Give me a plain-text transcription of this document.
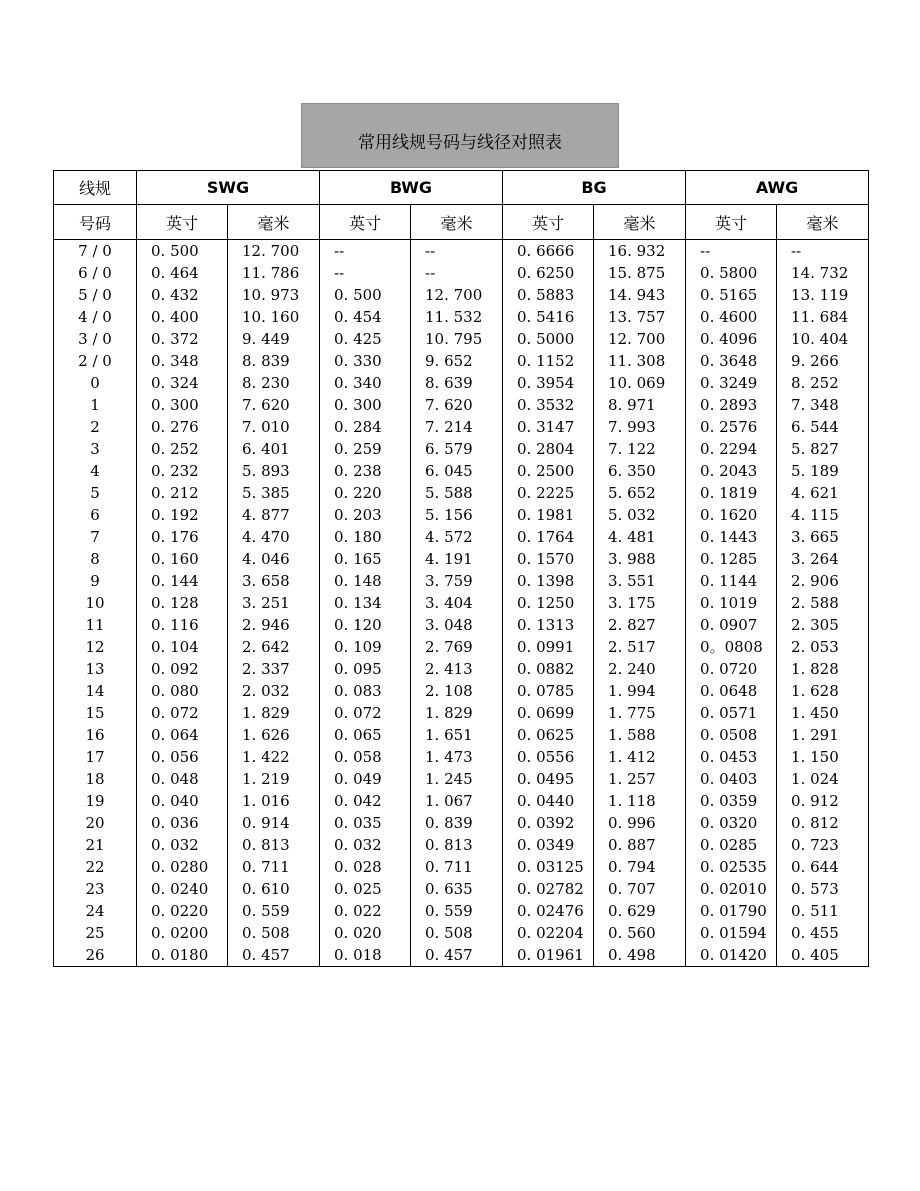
常用线规号码与线径对照表
线规	SWG		BWG		BG		AWG	
号码	英寸	毫米	英寸	毫米	英寸	毫米	英寸	毫米
7 / 0	0. 500	12. 700	--	--	0. 6666	16. 932	--	--
6 / 0	0. 464	11. 786	--	--	0. 6250	15. 875	0. 5800	14. 732
5 / 0	0. 432	10. 973	0. 500	12. 700	0. 5883	14. 943	0. 5165	13. 119
4 / 0	0. 400	10. 160	0. 454	11. 532	0. 5416	13. 757	0. 4600	11. 684
3 / 0	0. 372	9. 449	0. 425	10. 795	0. 5000	12. 700	0. 4096	10. 404
2 / 0	0. 348	8. 839	0. 330	9. 652	0. 1152	11. 308	0. 3648	9. 266
0	0. 324	8. 230	0. 340	8. 639	0. 3954	10. 069	0. 3249	8. 252
1	0. 300	7. 620	0. 300	7. 620	0. 3532	8. 971	0. 2893	7. 348
2	0. 276	7. 010	0. 284	7. 214	0. 3147	7. 993	0. 2576	6. 544
3	0. 252	6. 401	0. 259	6. 579	0. 2804	7. 122	0. 2294	5. 827
4	0. 232	5. 893	0. 238	6. 045	0. 2500	6. 350	0. 2043	5. 189
5	0. 212	5. 385	0. 220	5. 588	0. 2225	5. 652	0. 1819	4. 621
6	0. 192	4. 877	0. 203	5. 156	0. 1981	5. 032	0. 1620	4. 115
7	0. 176	4. 470	0. 180	4. 572	0. 1764	4. 481	0. 1443	3. 665
8	0. 160	4. 046	0. 165	4. 191	0. 1570	3. 988	0. 1285	3. 264
9	0. 144	3. 658	0. 148	3. 759	0. 1398	3. 551	0. 1144	2. 906
10	0. 128	3. 251	0. 134	3. 404	0. 1250	3. 175	0. 1019	2. 588
11	0. 116	2. 946	0. 120	3. 048	0. 1313	2. 827	0. 0907	2. 305
12	0. 104	2. 642	0. 109	2. 769	0. 0991	2. 517	0。0808	2. 053
13	0. 092	2. 337	0. 095	2. 413	0. 0882	2. 240	0. 0720	1. 828
14	0. 080	2. 032	0. 083	2. 108	0. 0785	1. 994	0. 0648	1. 628
15	0. 072	1. 829	0. 072	1. 829	0. 0699	1. 775	0. 0571	1. 450
16	0. 064	1. 626	0. 065	1. 651	0. 0625	1. 588	0. 0508	1. 291
17	0. 056	1. 422	0. 058	1. 473	0. 0556	1. 412	0. 0453	1. 150
18	0. 048	1. 219	0. 049	1. 245	0. 0495	1. 257	0. 0403	1. 024
19	0. 040	1. 016	0. 042	1. 067	0. 0440	1. 118	0. 0359	0. 912
20	0. 036	0. 914	0. 035	0. 839	0. 0392	0. 996	0. 0320	0. 812
21	0. 032	0. 813	0. 032	0. 813	0. 0349	0. 887	0. 0285	0. 723
22	0. 0280	0. 711	0. 028	0. 711	0. 03125	0. 794	0. 02535	0. 644
23	0. 0240	0. 610	0. 025	0. 635	0. 02782	0. 707	0. 02010	0. 573
24	0. 0220	0. 559	0. 022	0. 559	0. 02476	0. 629	0. 01790	0. 511
25	0. 0200	0. 508	0. 020	0. 508	0. 02204	0. 560	0. 01594	0. 455
26	0. 0180	0. 457	0. 018	0. 457	0. 01961	0. 498	0. 01420	0. 405
